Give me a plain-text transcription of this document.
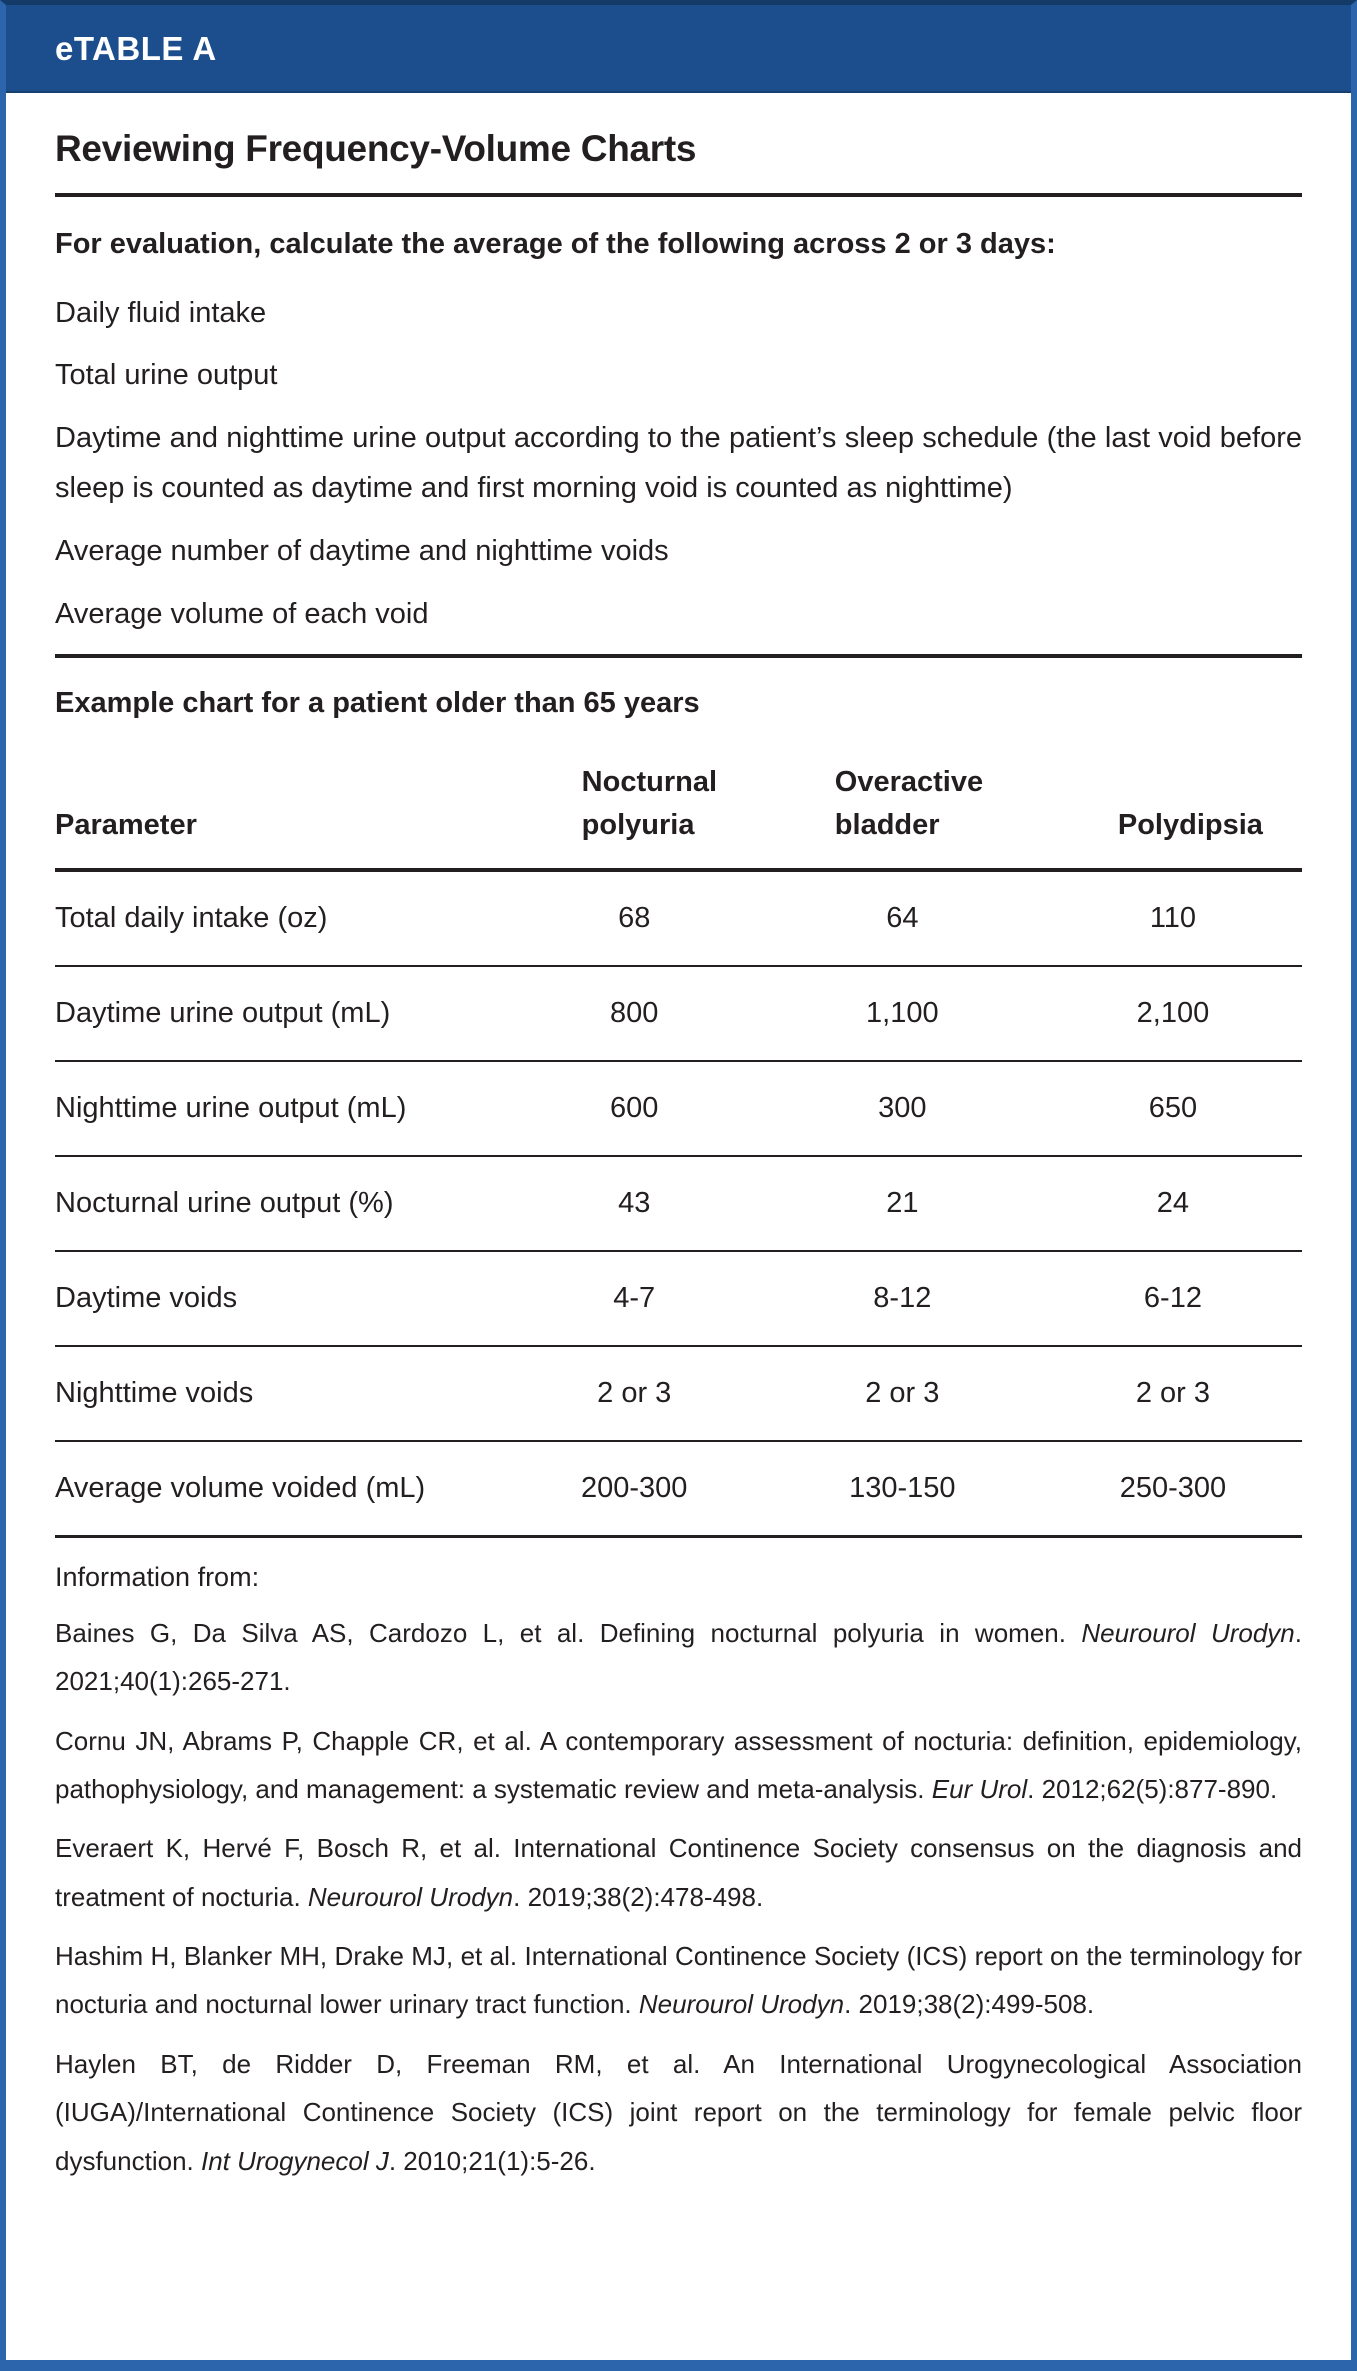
eTABLE A
Reviewing Frequency-Volume Charts

For evaluation, calculate the average of the following across 2 or 3 days:

Daily fluid intake
Total urine output
Daytime and nighttime urine output according to the patient’s sleep schedule (the last void before sleep is counted as daytime and first morning void is counted as nighttime)
Average number of daytime and nighttime voids
Average volume of each void

Example chart for a patient older than 65 years

Parameter	Nocturnal polyuria	Overactive bladder	Polydipsia
Total daily intake (oz)	68	64	110
Daytime urine output (mL)	800	1,100	2,100
Nighttime urine output (mL)	600	300	650
Nocturnal urine output (%)	43	21	24
Daytime voids	4-7	8-12	6-12
Nighttime voids	2 or 3	2 or 3	2 or 3
Average volume voided (mL)	200-300	130-150	250-300

Information from:

Baines G, Da Silva AS, Cardozo L, et al. Defining nocturnal polyuria in women. Neurourol Urodyn. 2021;40(1):265-271.

Cornu JN, Abrams P, Chapple CR, et al. A contemporary assessment of nocturia: definition, epidemiology, pathophysiology, and management: a systematic review and meta-analysis. Eur Urol. 2012;62(5):877-890.

Everaert K, Hervé F, Bosch R, et al. International Continence Society consensus on the diagnosis and treatment of nocturia. Neurourol Urodyn. 2019;38(2):478-498.

Hashim H, Blanker MH, Drake MJ, et al. International Continence Society (ICS) report on the terminology for nocturia and nocturnal lower urinary tract function. Neurourol Urodyn. 2019;38(2):499-508.

Haylen BT, de Ridder D, Freeman RM, et al. An International Urogynecological Association (IUGA)/International Continence Society (ICS) joint report on the terminology for female pelvic floor dysfunction. Int Urogynecol J. 2010;21(1):5-26.
